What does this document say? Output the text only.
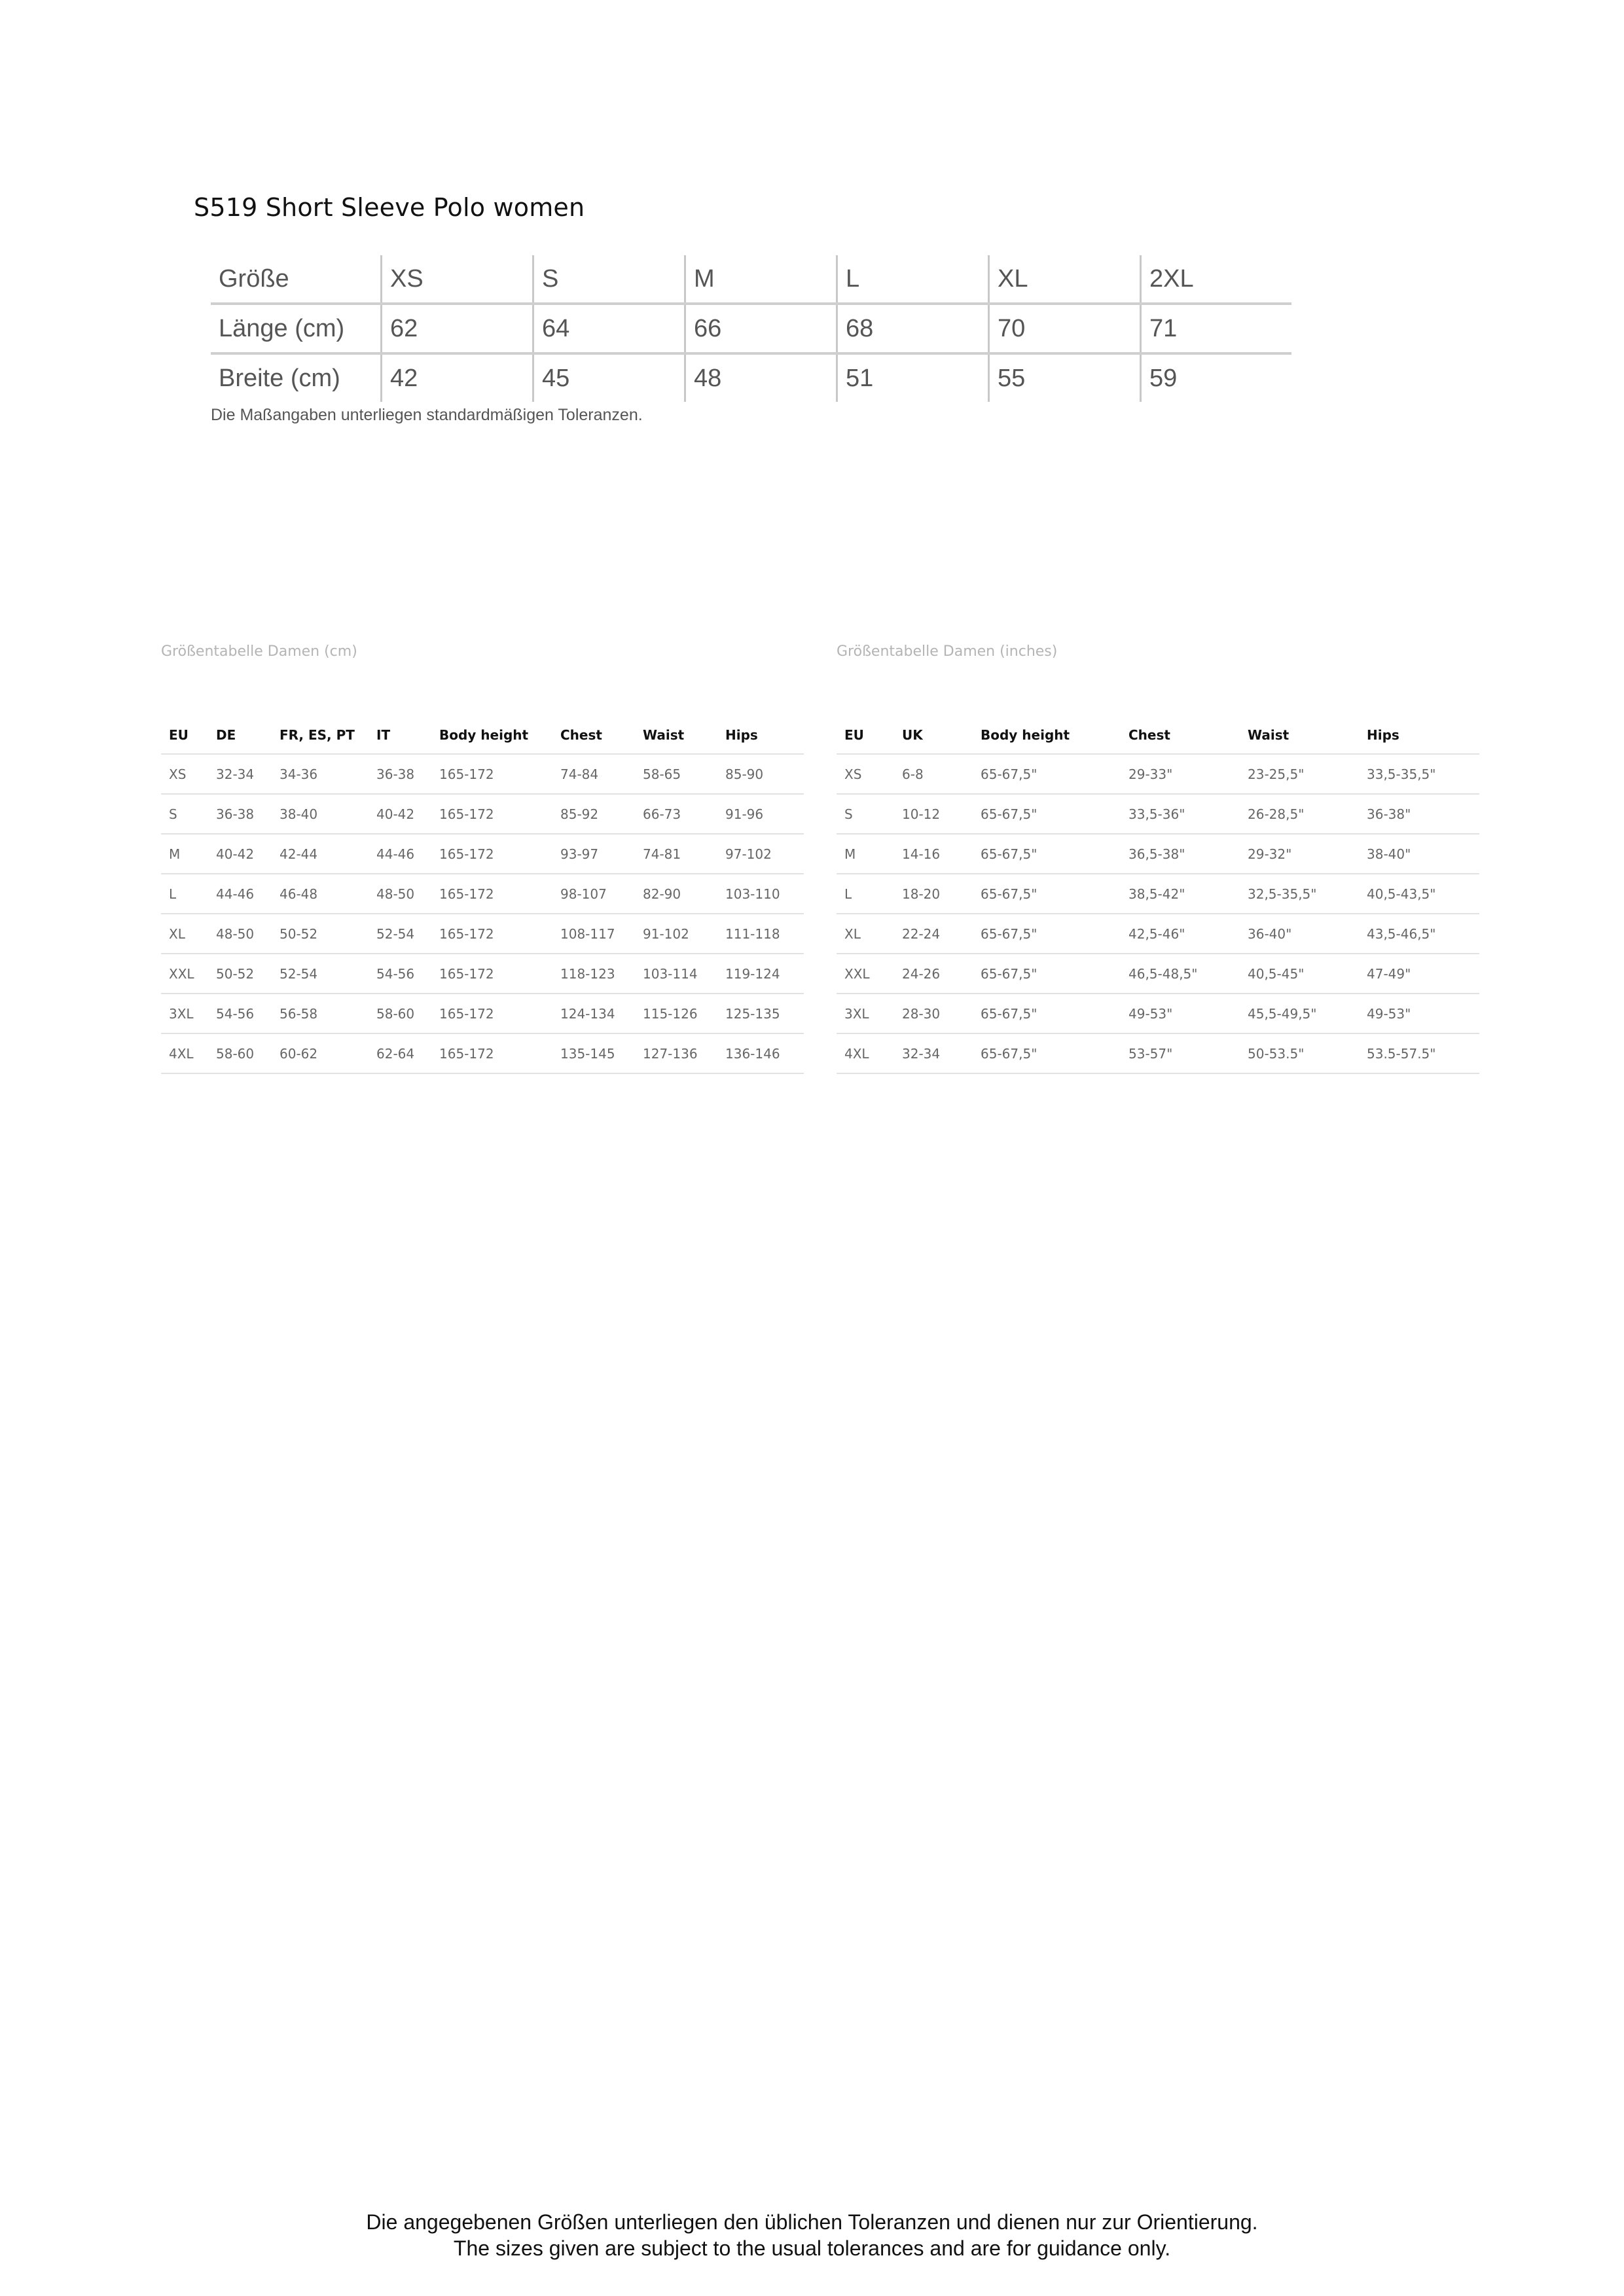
S519 Short Sleeve Polo women
Größe	XS	S	M	L	XL	2XL
Länge (cm)	62	64	66	68	70	71
Breite (cm)	42	45	48	51	55	59
Die Maßangaben unterliegen standardmäßigen Toleranzen.
Größentabelle Damen (cm)
EU	DE	FR, ES, PT	IT	Body height	Chest	Waist	Hips
XS	32-34	34-36	36-38	165-172	74-84	58-65	85-90
S	36-38	38-40	40-42	165-172	85-92	66-73	91-96
M	40-42	42-44	44-46	165-172	93-97	74-81	97-102
L	44-46	46-48	48-50	165-172	98-107	82-90	103-110
XL	48-50	50-52	52-54	165-172	108-117	91-102	111-118
XXL	50-52	52-54	54-56	165-172	118-123	103-114	119-124
3XL	54-56	56-58	58-60	165-172	124-134	115-126	125-135
4XL	58-60	60-62	62-64	165-172	135-145	127-136	136-146
Größentabelle Damen (inches)
EU	UK	Body height	Chest	Waist	Hips
XS	6-8	65-67,5"	29-33"	23-25,5"	33,5-35,5"
S	10-12	65-67,5"	33,5-36"	26-28,5"	36-38"
M	14-16	65-67,5"	36,5-38"	29-32"	38-40"
L	18-20	65-67,5"	38,5-42"	32,5-35,5"	40,5-43,5"
XL	22-24	65-67,5"	42,5-46"	36-40"	43,5-46,5"
XXL	24-26	65-67,5"	46,5-48,5"	40,5-45"	47-49"
3XL	28-30	65-67,5"	49-53"	45,5-49,5"	49-53"
4XL	32-34	65-67,5"	53-57"	50-53.5"	53.5-57.5"
Die angegebenen Größen unterliegen den üblichen Toleranzen und dienen nur zur Orientierung.
The sizes given are subject to the usual tolerances and are for guidance only.
